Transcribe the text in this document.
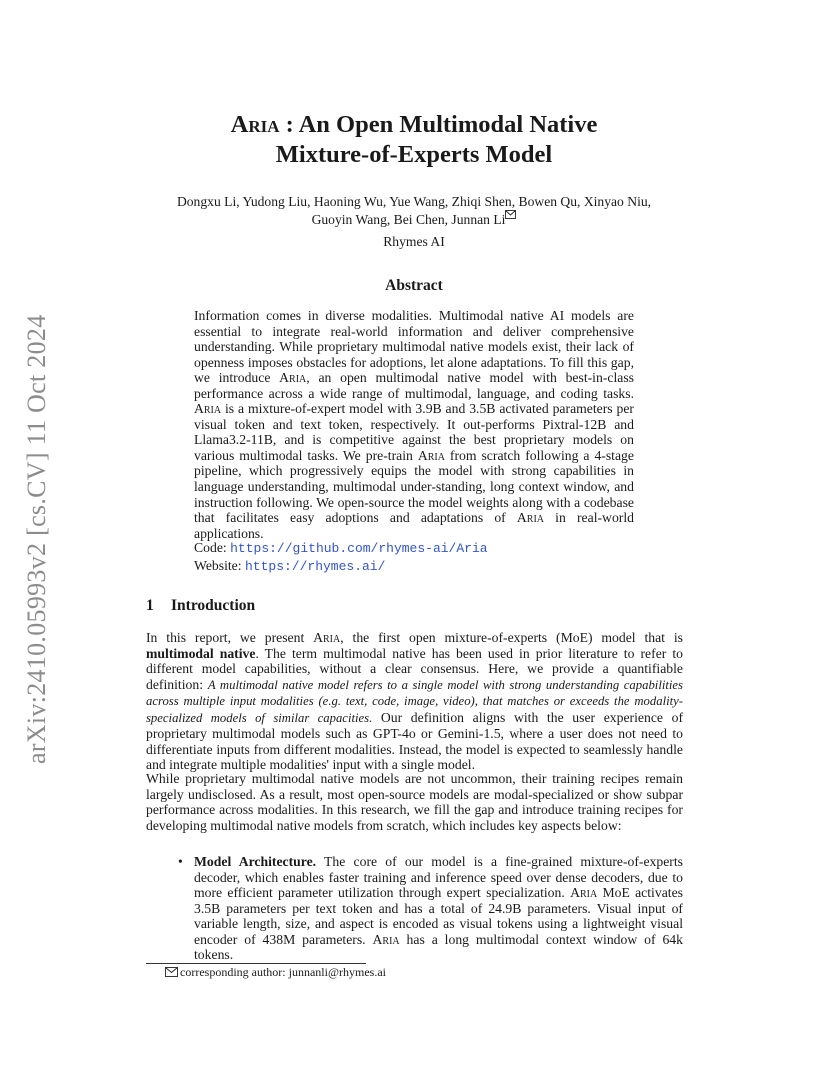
arXiv:2410.05993v2 [cs.CV] 11 Oct 2024
Aria : An Open Multimodal Native
Mixture-of-Experts Model
Dongxu Li, Yudong Liu, Haoning Wu, Yue Wang, Zhiqi Shen, Bowen Qu, Xinyao Niu,
Guoyin Wang, Bei Chen, Junnan Li
Rhymes AI
Abstract
Information comes in diverse modalities. Multimodal native AI models are essential to integrate real-world information and deliver comprehensive understanding. While proprietary multimodal native models exist, their lack of openness imposes obstacles for adoptions, let alone adaptations. To fill this gap, we introduce Aria, an open multimodal native model with best-in-class performance across a wide range of multimodal, language, and coding tasks. Aria is a mixture-of-expert model with 3.9B and 3.5B activated parameters per visual token and text token, respectively. It out-performs Pixtral-12B and Llama3.2-11B, and is competitive against the best proprietary models on various multimodal tasks. We pre-train Aria from scratch following a 4-stage pipeline, which progressively equips the model with strong capabilities in language understanding, multimodal under-standing, long context window, and instruction following. We open-source the model weights along with a codebase that facilitates easy adoptions and adaptations of Aria in real-world applications.
Code: https://github.com/rhymes-ai/Aria
Website: https://rhymes.ai/
1 Introduction
In this report, we present Aria, the first open mixture-of-experts (MoE) model that is multimodal native. The term multimodal native has been used in prior literature to refer to different model capabilities, without a clear consensus. Here, we provide a quantifiable definition: A multimodal native model refers to a single model with strong understanding capabilities across multiple input modalities (e.g. text, code, image, video), that matches or exceeds the modality-specialized models of similar capacities. Our definition aligns with the user experience of proprietary multimodal models such as GPT-4o or Gemini-1.5, where a user does not need to differentiate inputs from different modalities. Instead, the model is expected to seamlessly handle and integrate multiple modalities' input with a single model.
While proprietary multimodal native models are not uncommon, their training recipes remain largely undisclosed. As a result, most open-source models are modal-specialized or show subpar performance across modalities. In this research, we fill the gap and introduce training recipes for developing multimodal native models from scratch, which includes key aspects below:
• Model Architecture. The core of our model is a fine-grained mixture-of-experts decoder, which enables faster training and inference speed over dense decoders, due to more efficient parameter utilization through expert specialization. Aria MoE activates 3.5B parameters per text token and has a total of 24.9B parameters. Visual input of variable length, size, and aspect is encoded as visual tokens using a lightweight visual encoder of 438M parameters. Aria has a long multimodal context window of 64k tokens.
corresponding author: junnanli@rhymes.ai
